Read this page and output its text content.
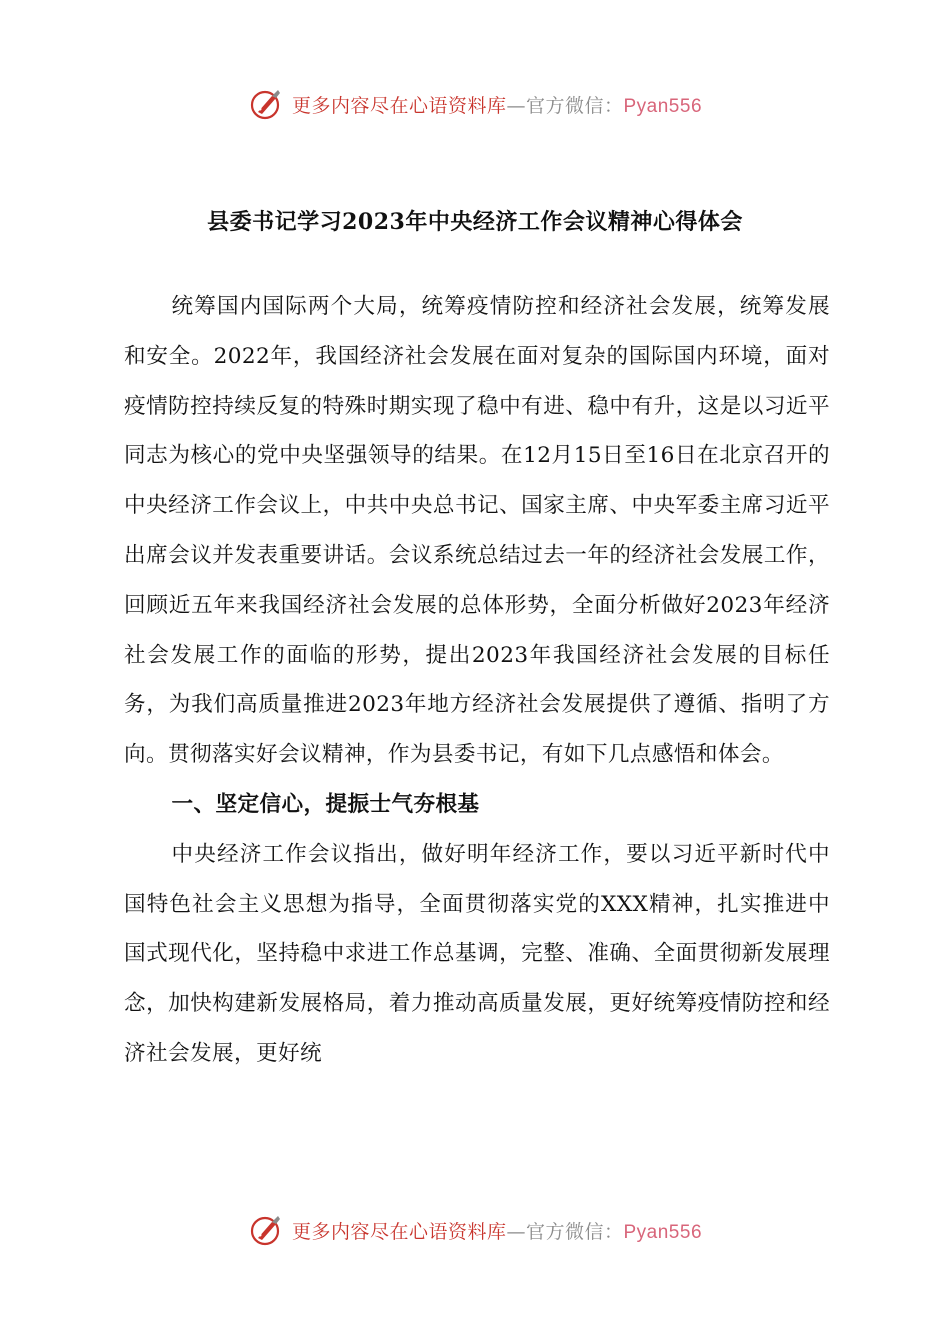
更多内容尽在心语资料库—官方微信：Pyan556
县委书记学习2023年中央经济工作会议精神心得体会

统筹国内国际两个大局，统筹疫情防控和经济社会发展，统筹发展和安全。2022年，我国经济社会发展在面对复杂的国际国内环境，面对疫情防控持续反复的特殊时期实现了稳中有进、稳中有升，这是以习近平同志为核心的党中央坚强领导的结果。在12月15日至16日在北京召开的中央经济工作会议上，中共中央总书记、国家主席、中央军委主席习近平出席会议并发表重要讲话。会议系统总结过去一年的经济社会发展工作，回顾近五年来我国经济社会发展的总体形势，全面分析做好2023年经济社会发展工作的面临的形势，提出2023年我国经济社会发展的目标任务，为我们高质量推进2023年地方经济社会发展提供了遵循、指明了方向。贯彻落实好会议精神，作为县委书记，有如下几点感悟和体会。

一、坚定信心，提振士气夯根基

中央经济工作会议指出，做好明年经济工作，要以习近平新时代中国特色社会主义思想为指导，全面贯彻落实党的XXX精神，扎实推进中国式现代化，坚持稳中求进工作总基调，完整、准确、全面贯彻新发展理念，加快构建新发展格局，着力推动高质量发展，更好统筹疫情防控和经济社会发展，更好统

更多内容尽在心语资料库—官方微信：Pyan556
